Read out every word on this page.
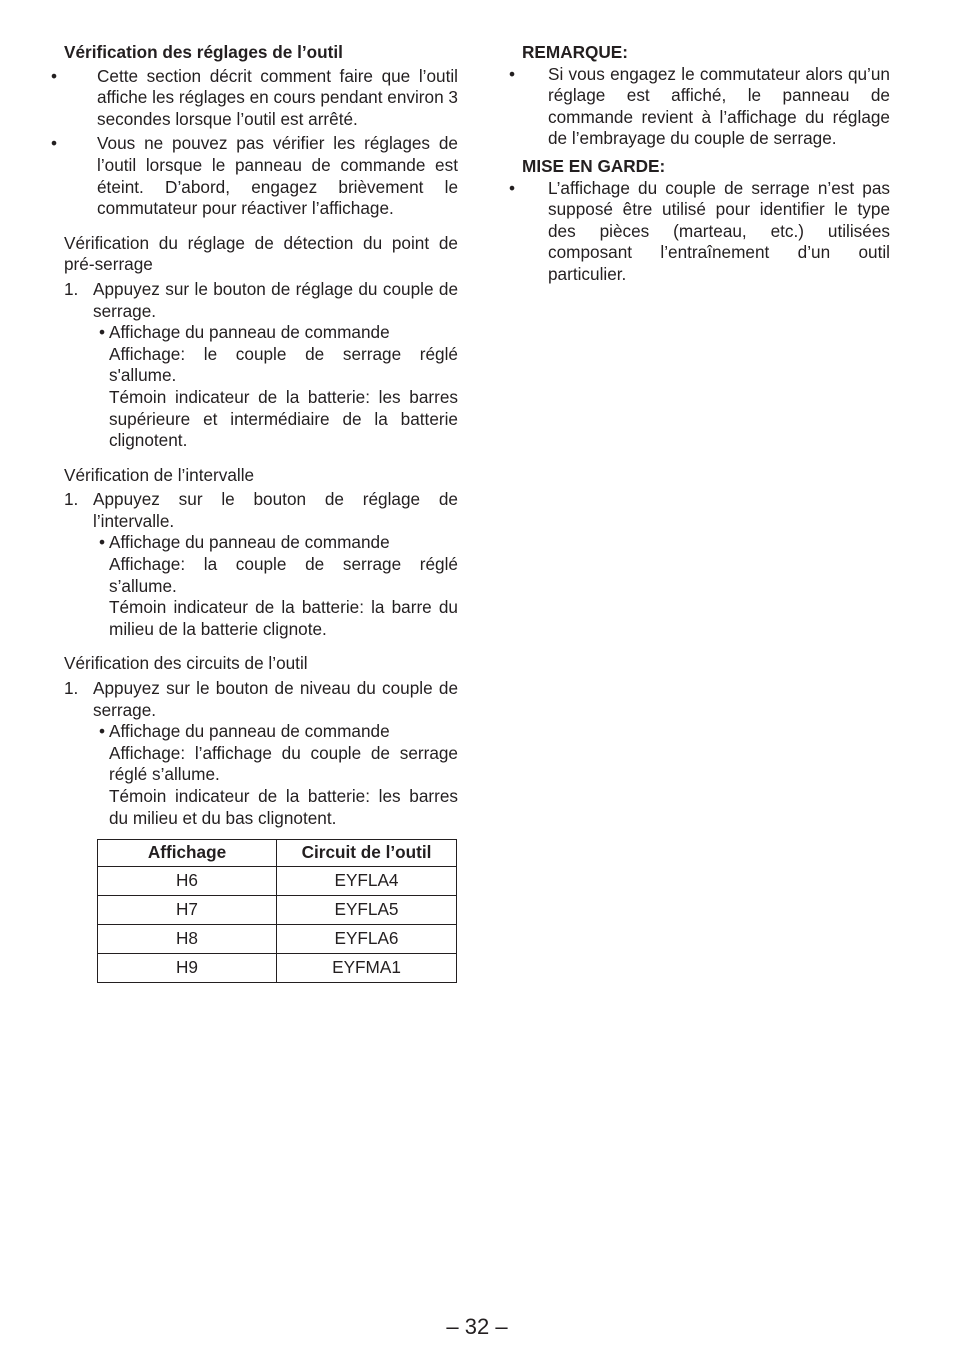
Vérification des réglages de l’outil

• Cette section décrit comment faire que l’outil affiche les réglages en cours pendant environ 3 secondes lorsque l’outil est arrêté.

• Vous ne pouvez pas vérifier les réglages de l’outil lorsque le panneau de commande est éteint. D’abord, engagez brièvement le commutateur pour réactiver l’affichage.

Vérification du réglage de détection du point de pré-serrage

1. Appuyez sur le bouton de réglage du couple de serrage.

• Affichage du panneau de commande
Affichage: le couple de serrage réglé s'allume.
Témoin indicateur de la batterie: les barres supérieure et intermédiaire de la batterie clignotent.

Vérification de l’intervalle

1. Appuyez sur le bouton de réglage de l’intervalle.

• Affichage du panneau de commande
Affichage: la couple de serrage réglé s’allume.
Témoin indicateur de la batterie: la barre du milieu de la batterie clignote.

Vérification des circuits de l’outil

1. Appuyez sur le bouton de niveau du couple de serrage.

• Affichage du panneau de commande
Affichage: l’affichage du couple de serrage réglé s’allume.
Témoin indicateur de la batterie: les barres du milieu et du bas clignotent.
Affichage	Circuit de l’outil
H6	EYFLA4
H7	EYFLA5
H8	EYFLA6
H9	EYFMA1

REMARQUE:

• Si vous engagez le commutateur alors qu’un réglage est affiché, le panneau de commande revient à l’affichage du réglage de l’embrayage du couple de serrage.

MISE EN GARDE:

• L’affichage du couple de serrage n’est pas supposé être utilisé pour identifier le type des pièces (marteau, etc.) utilisées composant l’entraînement d’un outil particulier.

– 32 –
